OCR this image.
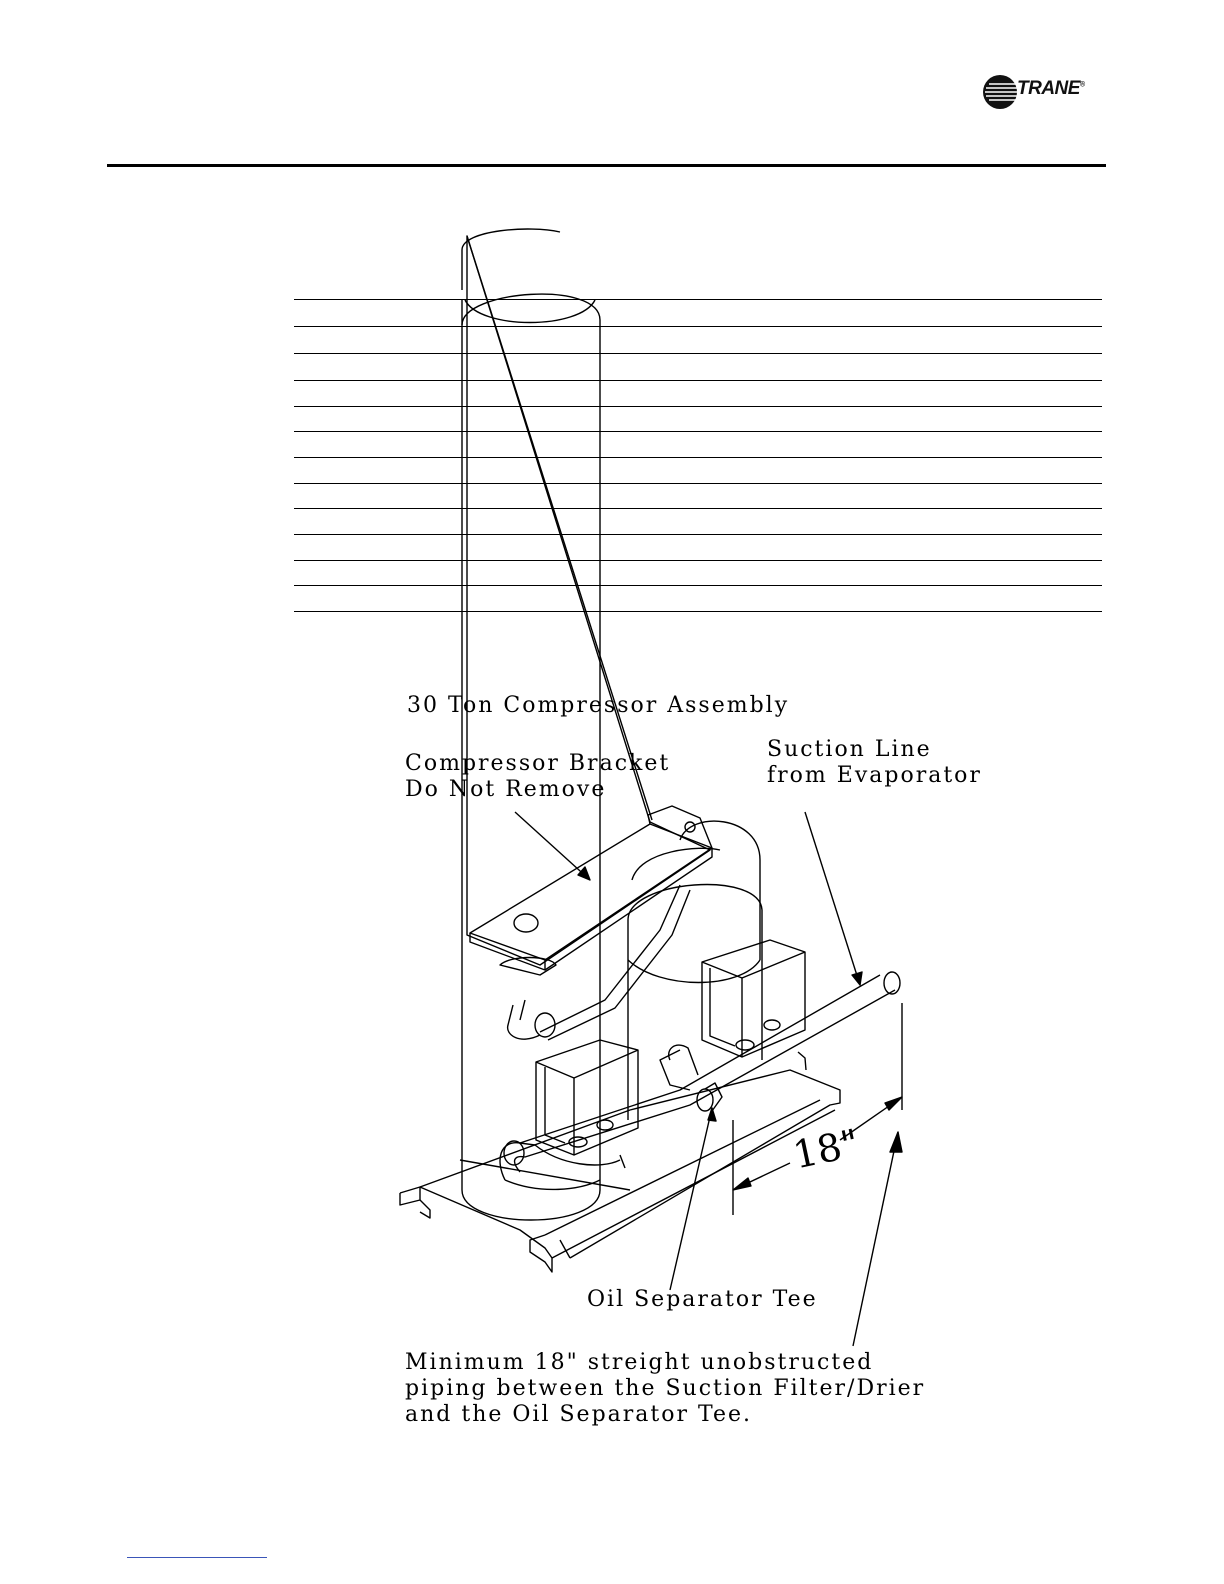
TRANE®
30 Ton Compressor Assembly
Compressor Bracket
Do Not Remove
Suction Line
from Evaporator
Oil Separator Tee
Minimum 18" streight unobstructed
piping between the Suction Filter/Drier
and the Oil Separator Tee.
18"
